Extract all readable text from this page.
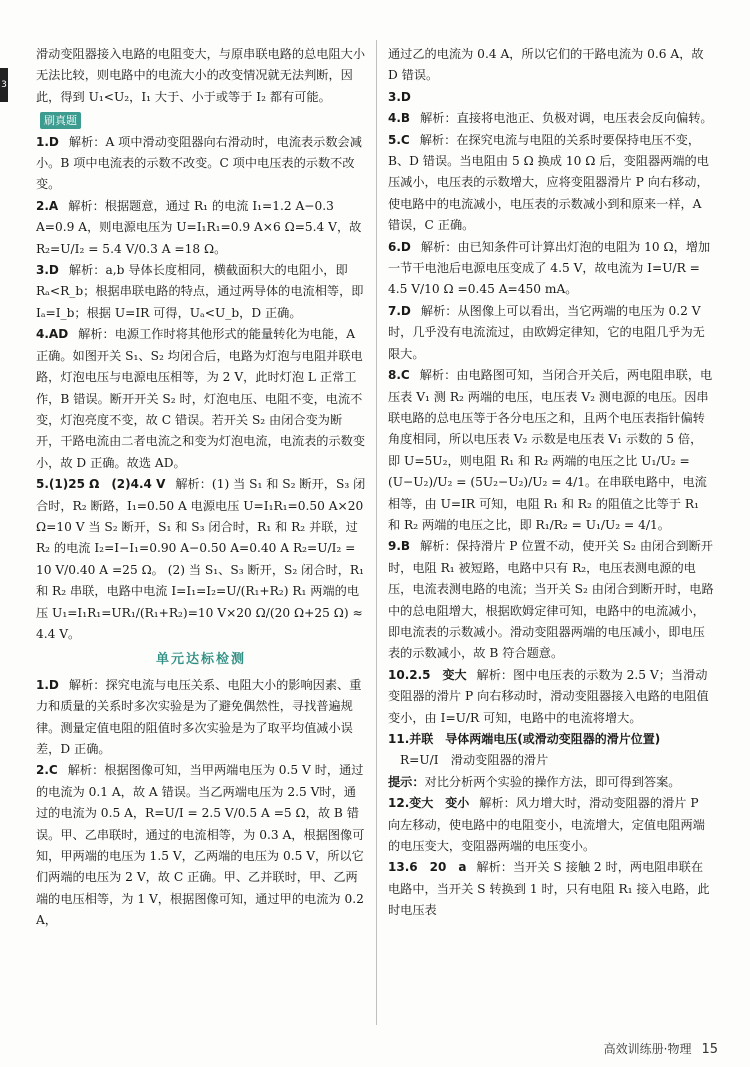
3

滑动变阻器接入电路的电阻变大，与原串联电路的总电阻大小无法比较，则电路中的电流大小的改变情况就无法判断，因此，得到 U₁<U₂，I₁ 大于、小于或等于 I₂ 都有可能。

刷真题

1.D 解析：A 项中滑动变阻器向右滑动时，电流表示数会减小。B 项中电流表的示数不改变。C 项中电压表的示数不改变。

2.A 解析：根据题意，通过 R₁ 的电流 I₁=1.2 A−0.3 A=0.9 A，则电源电压为 U=I₁R₁=0.9 A×6 Ω=5.4 V，故 R₂=U/I₂ = 5.4 V/0.3 A =18 Ω。

3.D 解析：a,b 导体长度相同，横截面积大的电阻小，即 Rₐ<R_b；根据串联电路的特点，通过两导体的电流相等，即 Iₐ=I_b；根据 U=IR 可得，Uₐ<U_b，D 正确。

4.AD 解析：电源工作时将其他形式的能量转化为电能，A 正确。如图开关 S₁、S₂ 均闭合后，电路为灯泡与电阻并联电路，灯泡电压与电源电压相等，为 2 V，此时灯泡 L 正常工作，B 错误。断开开关 S₂ 时，灯泡电压、电阻不变，电流不变，灯泡亮度不变，故 C 错误。若开关 S₂ 由闭合变为断开，干路电流由二者电流之和变为灯泡电流，电流表的示数变小，故 D 正确。故选 AD。

5.(1)25 Ω　(2)4.4 V 解析：(1) 当 S₁ 和 S₂ 断开，S₃ 闭合时，R₂ 断路，I₁=0.50 A 电源电压 U=I₁R₁=0.50 A×20 Ω=10 V 当 S₂ 断开，S₁ 和 S₃ 闭合时，R₁ 和 R₂ 并联，过 R₂ 的电流 I₂=I−I₁=0.90 A−0.50 A=0.40 A R₂=U/I₂ = 10 V/0.40 A =25 Ω。 (2) 当 S₁、S₃ 断开，S₂ 闭合时，R₁ 和 R₂ 串联，电路中电流 I=I₁=I₂=U/(R₁+R₂) R₁ 两端的电压 U₁=I₁R₁=UR₁/(R₁+R₂)=10 V×20 Ω/(20 Ω+25 Ω) ≈ 4.4 V。

单元达标检测

1.D 解析：探究电流与电压关系、电阻大小的影响因素、重力和质量的关系时多次实验是为了避免偶然性，寻找普遍规律。测量定值电阻的阻值时多次实验是为了取平均值减小误差，D 正确。

2.C 解析：根据图像可知，当甲两端电压为 0.5 V 时，通过的电流为 0.1 A，故 A 错误。当乙两端电压为 2.5 V时，通过的电流为 0.5 A，R=U/I = 2.5 V/0.5 A =5 Ω，故 B 错误。甲、乙串联时，通过的电流相等，为 0.3 A，根据图像可知，甲两端的电压为 1.5 V，乙两端的电压为 0.5 V，所以它们两端的电压为 2 V，故 C 正确。甲、乙并联时，甲、乙两端的电压相等，为 1 V，根据图像可知，通过甲的电流为 0.2 A，

通过乙的电流为 0.4 A，所以它们的干路电流为 0.6 A，故 D 错误。

3.D

4.B 解析：直接将电池正、负极对调，电压表会反向偏转。

5.C 解析：在探究电流与电阻的关系时要保持电压不变，B、D 错误。当电阻由 5 Ω 换成 10 Ω 后，变阻器两端的电压减小，电压表的示数增大，应将变阻器滑片 P 向右移动，使电路中的电流减小，电压表的示数减小到和原来一样，A 错误，C 正确。

6.D 解析：由已知条件可计算出灯泡的电阻为 10 Ω，增加一节干电池后电源电压变成了 4.5 V，故电流为 I=U/R = 4.5 V/10 Ω =0.45 A=450 mA。

7.D 解析：从图像上可以看出，当它两端的电压为 0.2 V 时，几乎没有电流流过，由欧姆定律知，它的电阻几乎为无限大。

8.C 解析：由电路图可知，当闭合开关后，两电阻串联，电压表 V₁ 测 R₂ 两端的电压，电压表 V₂ 测电源的电压。因串联电路的总电压等于各分电压之和，且两个电压表指针偏转角度相同，所以电压表 V₂ 示数是电压表 V₁ 示数的 5 倍，即 U=5U₂，则电阻 R₁ 和 R₂ 两端的电压之比 U₁/U₂ = (U−U₂)/U₂ = (5U₂−U₂)/U₂ = 4/1。在串联电路中，电流相等，由 U=IR 可知，电阻 R₁ 和 R₂ 的阻值之比等于 R₁ 和 R₂ 两端的电压之比，即 R₁/R₂ = U₁/U₂ = 4/1。

9.B 解析：保持滑片 P 位置不动，使开关 S₂ 由闭合到断开时，电阻 R₁ 被短路，电路中只有 R₂，电压表测电源的电压，电流表测电路的电流；当开关 S₂ 由闭合到断开时，电路中的总电阻增大，根据欧姆定律可知，电路中的电流减小，即电流表的示数减小。滑动变阻器两端的电压减小，即电压表的示数减小，故 B 符合题意。

10.2.5　变大 解析：图中电压表的示数为 2.5 V；当滑动变阻器的滑片 P 向右移动时，滑动变阻器接入电路的电阻值变小，由 I=U/R 可知，电路中的电流将增大。

11.并联　导体两端电压(或滑动变阻器的滑片位置)
R=U/I　滑动变阻器的滑片

提示：对比分析两个实验的操作方法，即可得到答案。

12.变大　变小 解析：风力增大时，滑动变阻器的滑片 P 向左移动，使电路中的电阻变小，电流增大，定值电阻两端的电压变大，变阻器两端的电压变小。

13.6　20　a 解析：当开关 S 接触 2 时，两电阻串联在电路中，当开关 S 转换到 1 时，只有电阻 R₁ 接入电路，此时电压表

高效训练册·物理 15
